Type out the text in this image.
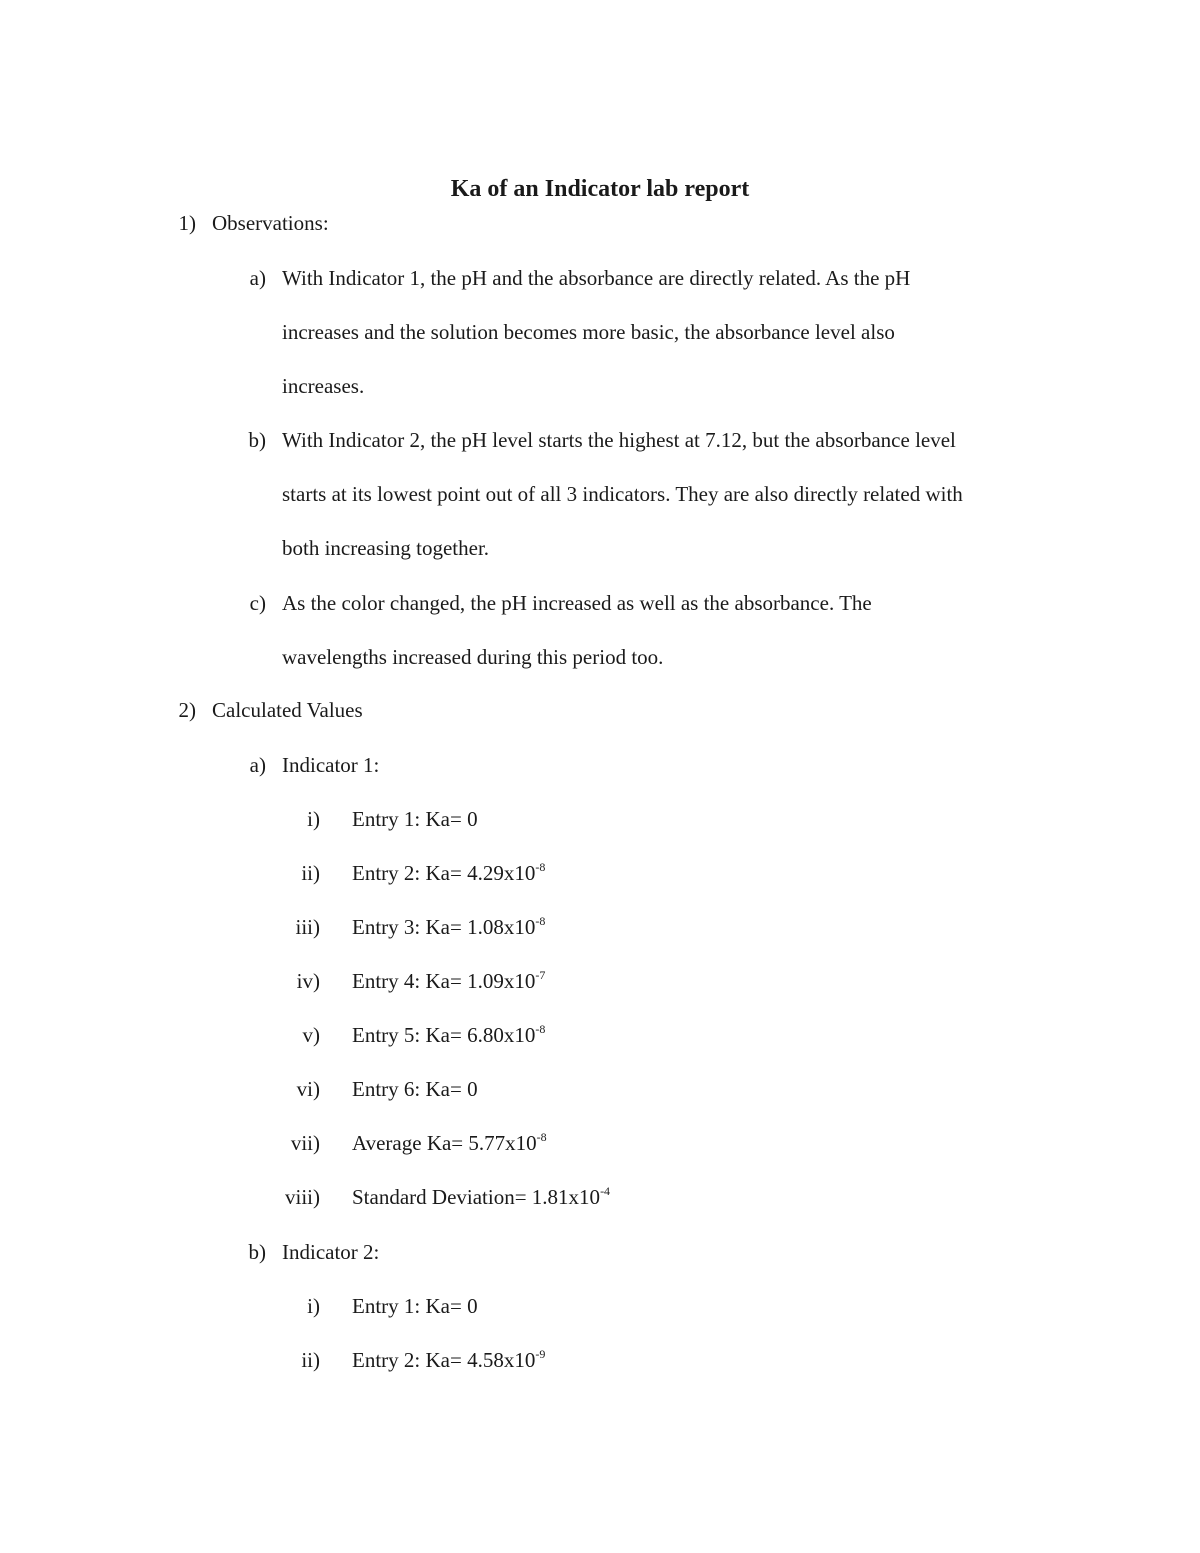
Ka of an Indicator lab report
1) Observations:
a) With Indicator 1, the pH and the absorbance are directly related. As the pH
increases and the solution becomes more basic, the absorbance level also
increases.
b) With Indicator 2, the pH level starts the highest at 7.12, but the absorbance level
starts at its lowest point out of all 3 indicators. They are also directly related with
both increasing together.
c) As the color changed, the pH increased as well as the absorbance. The
wavelengths increased during this period too.
2) Calculated Values
a) Indicator 1:
i) Entry 1: Ka= 0
ii) Entry 2: $Ka= 4.29x10^{-8}$
iii) Entry 3: $Ka= 1.08x10^{-8}$
iv) Entry 4: $Ka= 1.09x10^{-7}$
v) Entry 5: $Ka= 6.80x10^{-8}$
vi) Entry 6: Ka= 0
vii) Average $Ka= 5.77x10^{-8}$
viii) Standard Deviation= $1.81x10^{-4}$
b) Indicator 2:
i) Entry 1: Ka= 0
ii) Entry 2: $Ka= 4.58x10^{-9}$
